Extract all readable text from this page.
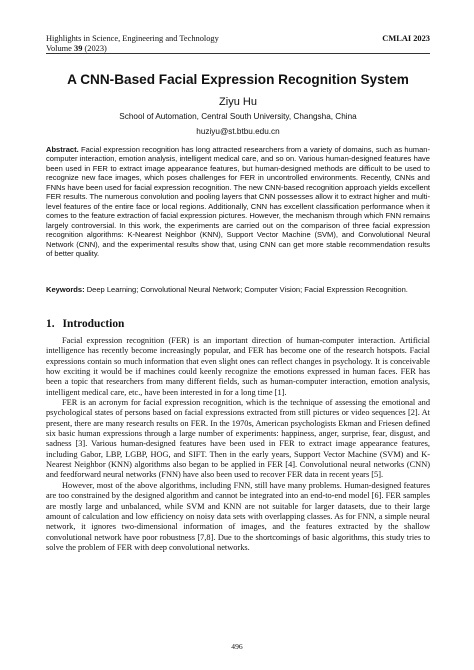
Highlights in Science, Engineering and Technology	CMLAI 2023
Volume 39 (2023)
A CNN-Based Facial Expression Recognition System
Ziyu Hu
School of Automation, Central South University, Changsha, China
huziyu@st.btbu.edu.cn

Abstract. Facial expression recognition has long attracted researchers from a variety of domains, such as human-computer interaction, emotion analysis, intelligent medical care, and so on. Various human-designed features have been used in FER to extract image appearance features, but human-designed methods are difficult to be used to recognize new face images, which poses challenges for FER in uncontrolled environments. Recently, CNNs and FNNs have been used for facial expression recognition. The new CNN-based recognition approach yields excellent FER results. The numerous convolution and pooling layers that CNN possesses allow it to extract higher and multi-level features of the entire face or local regions. Additionally, CNN has excellent classification performance when it comes to the feature extraction of facial expression pictures. However, the mechanism through which FNN remains largely controversial. In this work, the experiments are carried out on the comparison of three facial expression recognition algorithms: K-Nearest Neighbor (KNN), Support Vector Machine (SVM), and Convolutional Neural Network (CNN), and the experimental results show that, using CNN can get more stable recommendation results of better quality.

Keywords: Deep Learning; Convolutional Neural Network; Computer Vision; Facial Expression Recognition.

1. Introduction

Facial expression recognition (FER) is an important direction of human-computer interaction. Artificial intelligence has recently become increasingly popular, and FER has become one of the research hotspots. Facial expressions contain so much information that even slight ones can reflect changes in psychology. It is conceivable how exciting it would be if machines could keenly recognize the emotions expressed in human faces. FER has been a topic that researchers from many different fields, such as human-computer interaction, emotion analysis, intelligent medical care, etc., have been interested in for a long time [1].

FER is an acronym for facial expression recognition, which is the technique of assessing the emotional and psychological states of persons based on facial expressions extracted from still pictures or video sequences [2]. At present, there are many research results on FER. In the 1970s, American psychologists Ekman and Friesen defined six basic human expressions through a large number of experiments: happiness, anger, surprise, fear, disgust, and sadness [3]. Various human-designed features have been used in FER to extract image appearance features, including Gabor, LBP, LGBP, HOG, and SIFT. Then in the early years, Support Vector Machine (SVM) and K-Nearest Neighbor (KNN) algorithms also began to be applied in FER [4]. Convolutional neural networks (CNN) and feedforward neural networks (FNN) have also been used to recover FER data in recent years [5].

However, most of the above algorithms, including FNN, still have many problems. Human-designed features are too constrained by the designed algorithm and cannot be integrated into an end-to-end model [6]. FER samples are mostly large and unbalanced, while SVM and KNN are not suitable for larger datasets, due to their large amount of calculation and low efficiency on noisy data sets with overlapping classes. As for FNN, a simple neural network, it ignores two-dimensional information of images, and the features extracted by the shallow convolutional network have poor robustness [7,8]. Due to the shortcomings of basic algorithms, this study tries to solve the problem of FER with deep convolutional networks.

496
